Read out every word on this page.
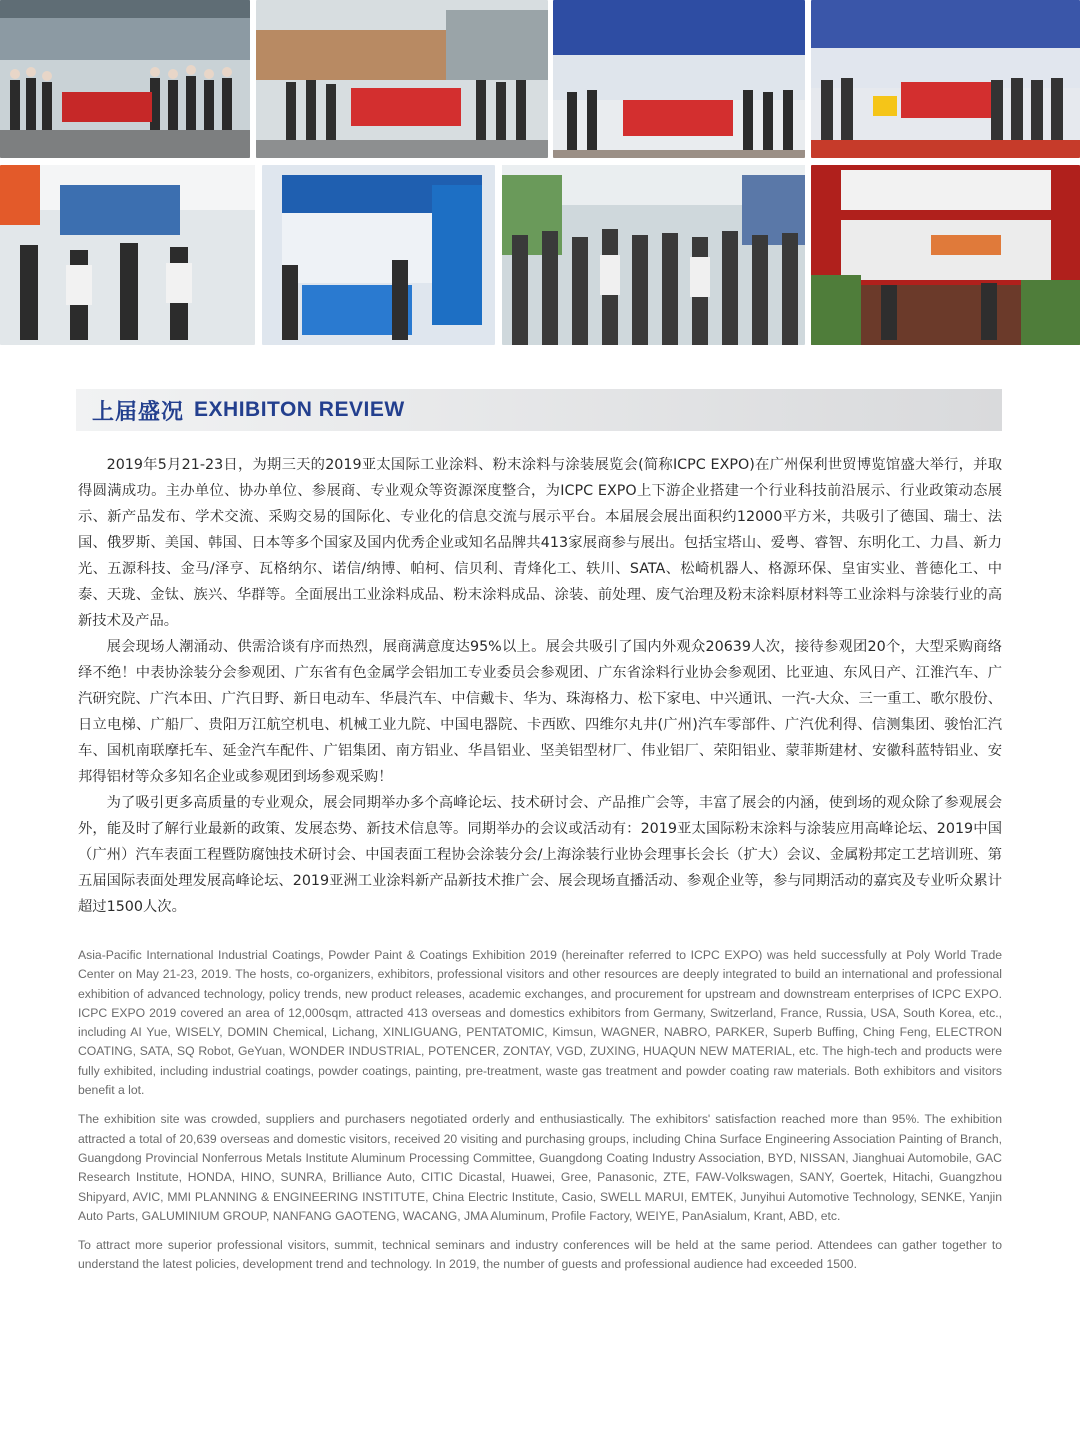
上届盛况 EXHIBITON REVIEW

2019年5月21-23日，为期三天的2019亚太国际工业涂料、粉末涂料与涂装展览会(简称ICPC EXPO)在广州保利世贸博览馆盛大举行，并取得圆满成功。主办单位、协办单位、参展商、专业观众等资源深度整合，为ICPC EXPO上下游企业搭建一个行业科技前沿展示、行业政策动态展示、新产品发布、学术交流、采购交易的国际化、专业化的信息交流与展示平台。本届展会展出面积约12000平方米，共吸引了德国、瑞士、法国、俄罗斯、美国、韩国、日本等多个国家及国内优秀企业或知名品牌共413家展商参与展出。包括宝塔山、爱粤、睿智、东明化工、力昌、新力光、五源科技、金马/泽亨、瓦格纳尔、诺信/纳博、帕柯、信贝利、青烽化工、轶川、SATA、松崎机器人、格源环保、皇宙实业、普德化工、中泰、天珑、金钛、族兴、华群等。全面展出工业涂料成品、粉末涂料成品、涂装、前处理、废气治理及粉末涂料原材料等工业涂料与涂装行业的高新技术及产品。

展会现场人潮涌动、供需洽谈有序而热烈，展商满意度达95%以上。展会共吸引了国内外观众20639人次，接待参观团20个，大型采购商络绎不绝！中表协涂装分会参观团、广东省有色金属学会铝加工专业委员会参观团、广东省涂料行业协会参观团、比亚迪、东风日产、江淮汽车、广汽研究院、广汽本田、广汽日野、新日电动车、华晨汽车、中信戴卡、华为、珠海格力、松下家电、中兴通讯、一汽-大众、三一重工、歌尔股份、日立电梯、广船厂、贵阳万江航空机电、机械工业九院、中国电器院、卡西欧、四维尔丸井(广州)汽车零部件、广汽优利得、信测集团、骏怡汇汽车、国机南联摩托车、延金汽车配件、广铝集团、南方铝业、华昌铝业、坚美铝型材厂、伟业铝厂、荣阳铝业、蒙菲斯建材、安徽科蓝特铝业、安邦得铝材等众多知名企业或参观团到场参观采购！

为了吸引更多高质量的专业观众，展会同期举办多个高峰论坛、技术研讨会、产品推广会等，丰富了展会的内涵，使到场的观众除了参观展会外，能及时了解行业最新的政策、发展态势、新技术信息等。同期举办的会议或活动有：2019亚太国际粉末涂料与涂装应用高峰论坛、2019中国（广州）汽车表面工程暨防腐蚀技术研讨会、中国表面工程协会涂装分会/上海涂装行业协会理事长会长（扩大）会议、金属粉邦定工艺培训班、第五届国际表面处理发展高峰论坛、2019亚洲工业涂料新产品新技术推广会、展会现场直播活动、参观企业等，参与同期活动的嘉宾及专业听众累计超过1500人次。

Asia-Pacific International Industrial Coatings, Powder Paint & Coatings Exhibition 2019 (hereinafter referred to ICPC EXPO) was held successfully at Poly World Trade Center on May 21-23, 2019. The hosts, co-organizers, exhibitors, professional visitors and other resources are deeply integrated to build an international and professional exhibition of advanced technology, policy trends, new product releases, academic exchanges, and procurement for upstream and downstream enterprises of ICPC EXPO. ICPC EXPO 2019 covered an area of 12,000sqm, attracted 413 overseas and domestics exhibitors from Germany, Switzerland, France, Russia, USA, South Korea, etc., including AI Yue, WISELY, DOMIN Chemical, Lichang, XINLIGUANG, PENTATOMIC, Kimsun, WAGNER, NABRO, PARKER, Superb Buffing, Ching Feng, ELECTRON COATING, SATA, SQ Robot, GeYuan, WONDER INDUSTRIAL, POTENCER, ZONTAY, VGD, ZUXING, HUAQUN NEW MATERIAL, etc. The high-tech and products were fully exhibited, including industrial coatings, powder coatings, painting, pre-treatment, waste gas treatment and powder coating raw materials. Both exhibitors and visitors benefit a lot.

The exhibition site was crowded, suppliers and purchasers negotiated orderly and enthusiastically. The exhibitors' satisfaction reached more than 95%. The exhibition attracted a total of 20,639 overseas and domestic visitors, received 20 visiting and purchasing groups, including China Surface Engineering Association Painting of Branch, Guangdong Provincial Nonferrous Metals Institute Aluminum Processing Committee, Guangdong Coating Industry Association, BYD, NISSAN, Jianghuai Automobile, GAC Research Institute, HONDA, HINO, SUNRA, Brilliance Auto, CITIC Dicastal, Huawei, Gree, Panasonic, ZTE, FAW-Volkswagen, SANY, Goertek, Hitachi, Guangzhou Shipyard, AVIC, MMI PLANNING & ENGINEERING INSTITUTE, China Electric Institute, Casio, SWELL MARUI, EMTEK, Junyihui Automotive Technology, SENKE, Yanjin Auto Parts, GALUMINIUM GROUP, NANFANG GAOTENG, WACANG, JMA Aluminum, Profile Factory, WEIYE, PanAsialum, Krant, ABD, etc.

To attract more superior professional visitors, summit, technical seminars and industry conferences will be held at the same period. Attendees can gather together to understand the latest policies, development trend and technology. In 2019, the number of guests and professional audience had exceeded 1500.
